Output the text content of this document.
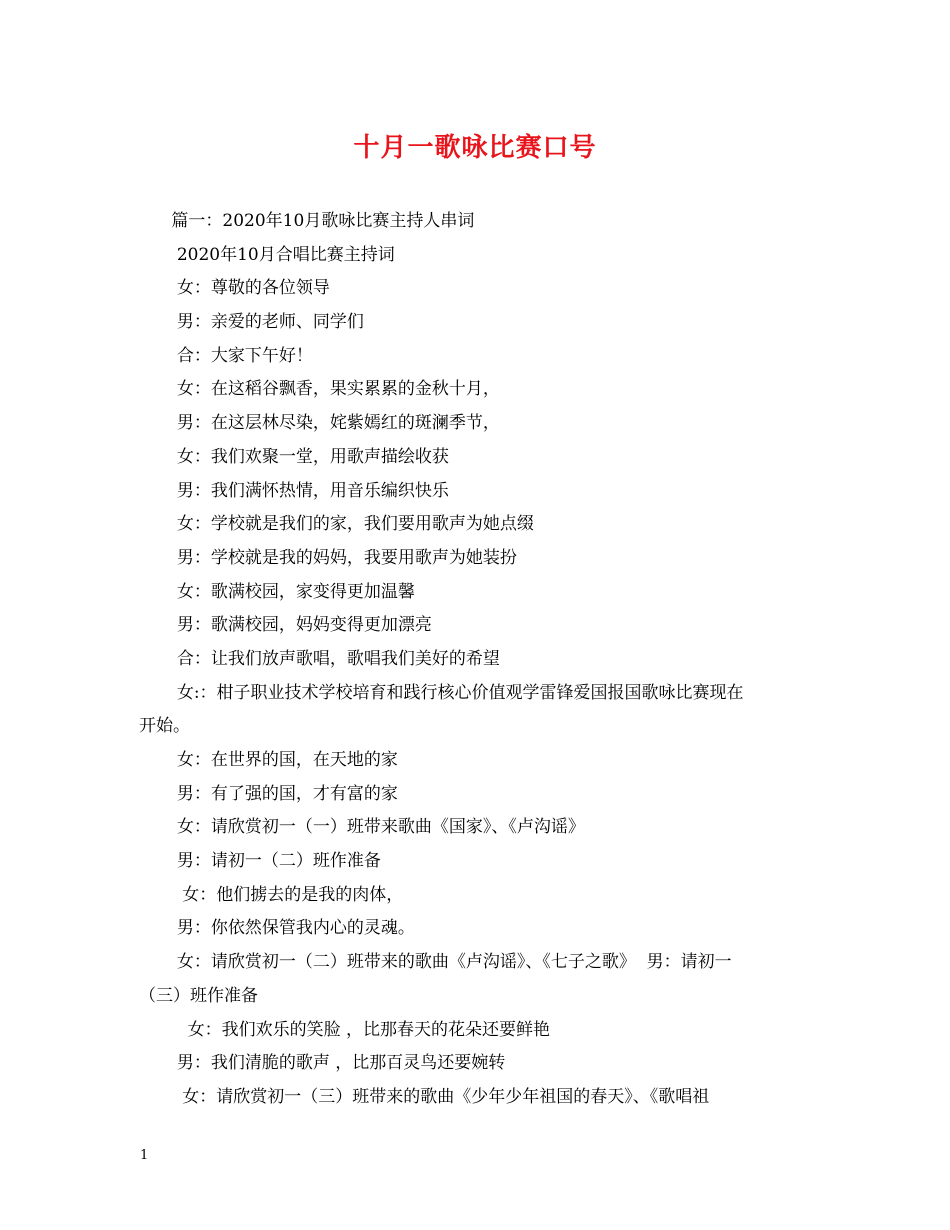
十月一歌咏比赛口号
篇一：2020年10月歌咏比赛主持人串词
2020年10月合唱比赛主持词
女：尊敬的各位领导
男：亲爱的老师、同学们
合：大家下午好！
女：在这稻谷飘香，果实累累的金秋十月，
男：在这层林尽染，姹紫嫣红的斑澜季节，
女：我们欢聚一堂，用歌声描绘收获
男：我们满怀热情，用音乐编织快乐
女：学校就是我们的家，我们要用歌声为她点缀
男：学校就是我的妈妈，我要用歌声为她装扮
女：歌满校园，家变得更加温馨
男：歌满校园，妈妈变得更加漂亮
合：让我们放声歌唱，歌唱我们美好的希望
女:：柑子职业技术学校培育和践行核心价值观学雷锋爱国报国歌咏比赛现在
开始。
女：在世界的国，在天地的家
男：有了强的国，才有富的家
女：请欣赏初一（一）班带来歌曲《国家》、《卢沟谣》
男：请初一（二）班作准备
女：他们掳去的是我的肉体，
男：你依然保管我内心的灵魂。
女：请欣赏初一（二）班带来的歌曲《卢沟谣》、《七子之歌》  男：请初一
（三）班作准备
女：我们欢乐的笑脸 ，比那春天的花朵还要鲜艳
男：我们清脆的歌声 ，比那百灵鸟还要婉转
女：请欣赏初一（三）班带来的歌曲《少年少年祖国的春天》、《歌唱祖
1
